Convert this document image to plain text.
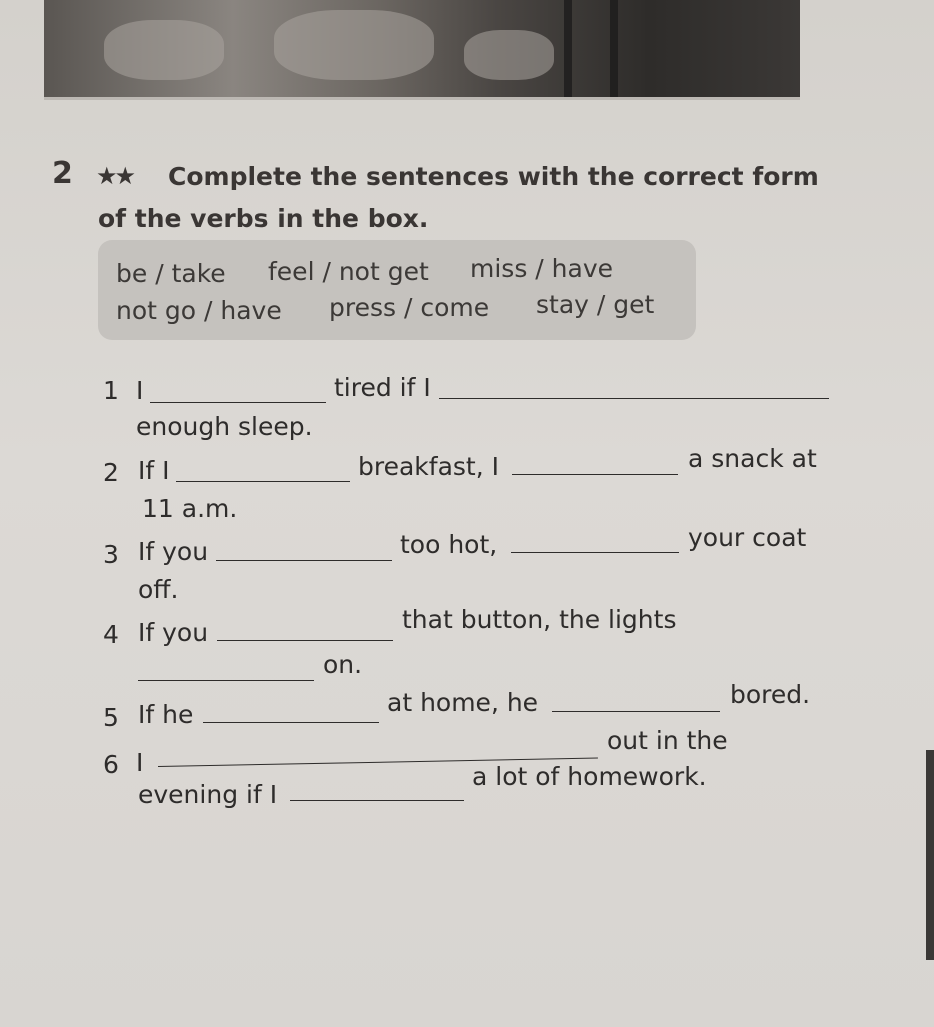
2 ★★	Complete the sentences with the correct form
of the verbs in the box.
be / take feel / not get miss / have
not go / have press / come stay / get
1 I	tired if I
enough sleep.
2 If I	breakfast, I	a snack at
11 a.m.
3 If you	too hot,	your coat
off.
4 If you	that button, the lights
on.
5 If he	at home, he	bored.
6 I
out in the
evening if I
a lot of homework.
